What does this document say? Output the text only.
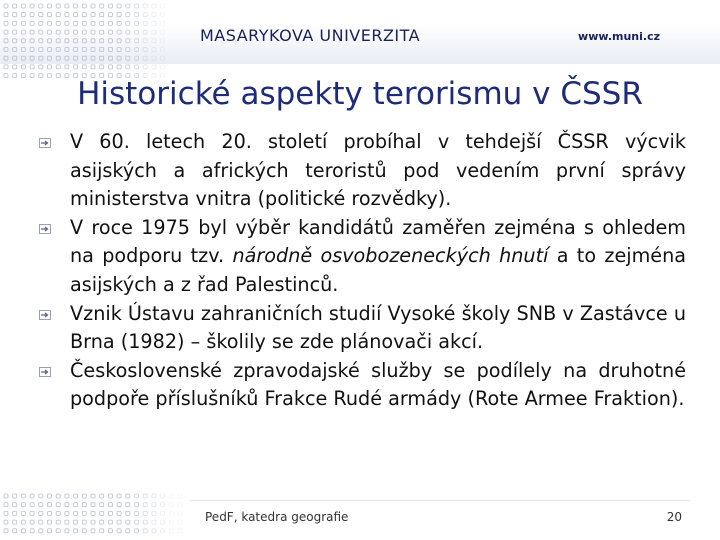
MASARYKOVA UNIVERZITA	www.muni.cz
Historické aspekty terorismu v ČSSR
V 60. letech 20. století probíhal v tehdejší ČSSR výcvik asijských a afrických teroristů pod vedením první správy ministerstva vnitra (politické rozvědky).
V roce 1975 byl výběr kandidátů zaměřen zejména s ohledem na podporu tzv. národně osvobozeneckých hnutí a to zejména asijských a z řad Palestinců.
Vznik Ústavu zahraničních studií Vysoké školy SNB v Zastávce u Brna (1982) – školily se zde plánovači akcí.
Československé zpravodajské služby se podílely na druhotné podpoře příslušníků Frakce Rudé armády (Rote Armee Fraktion).
PedF, katedra geografie	20
